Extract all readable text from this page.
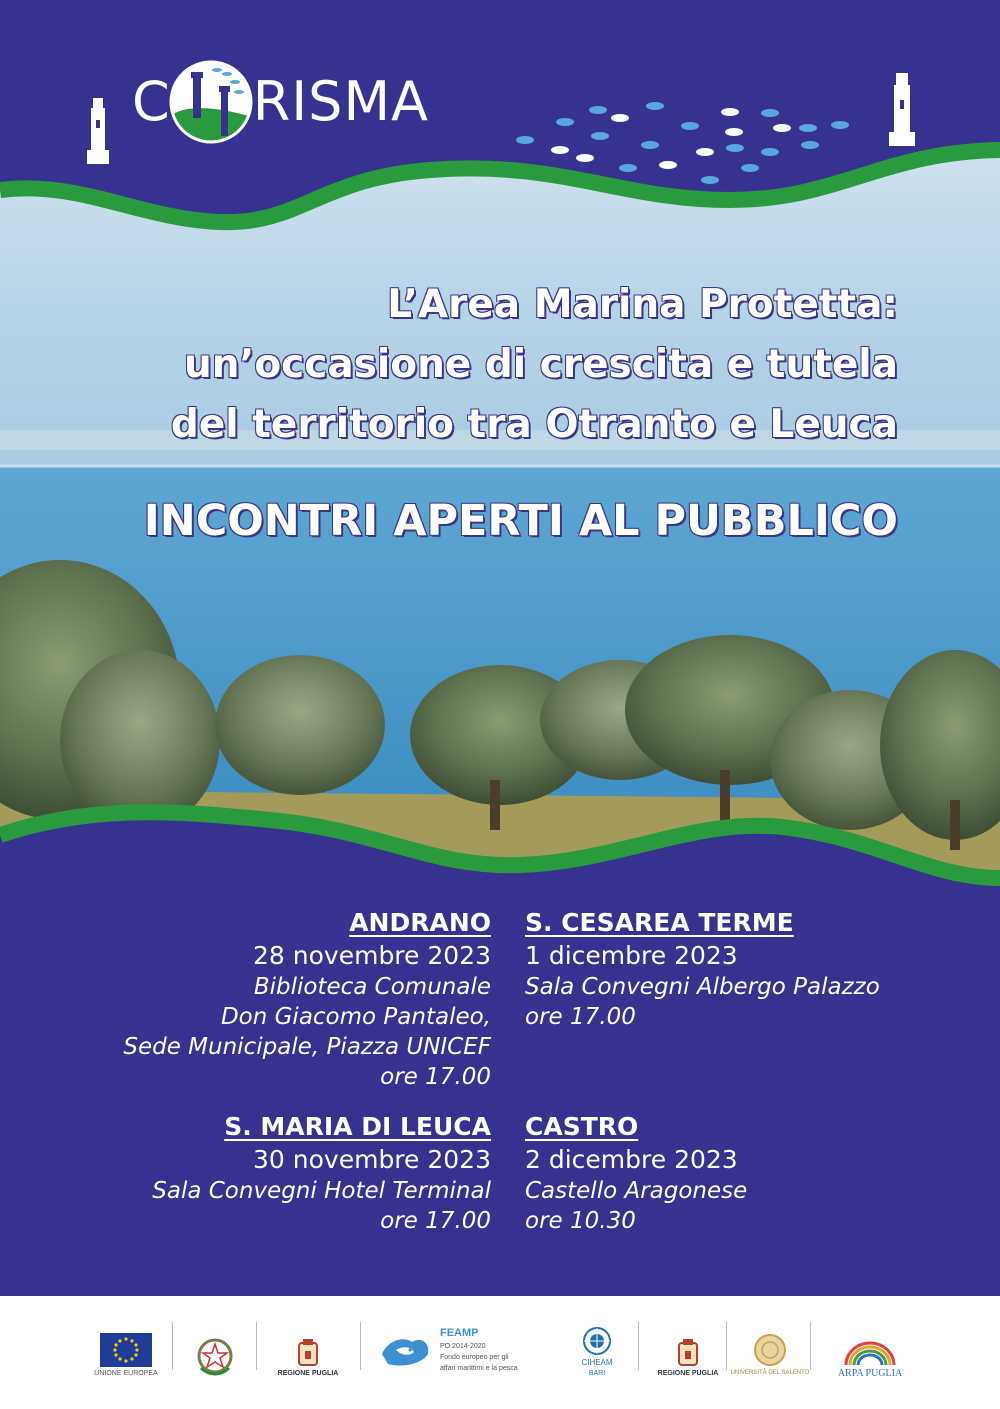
C RISMA
L’Area Marina Protetta:
un’occasione di crescita e tutela
del territorio tra Otranto e Leuca
INCONTRI APERTI AL PUBBLICO
ANDRANO
28 novembre 2023
Biblioteca Comunale
Don Giacomo Pantaleo,
Sede Municipale, Piazza UNICEF
ore 17.00
S. CESAREA TERME
1 dicembre 2023
Sala Convegni Albergo Palazzo
ore 17.00
S. MARIA DI LEUCA
30 novembre 2023
Sala Convegni Hotel Terminal
ore 17.00
CASTRO
2 dicembre 2023
Castello Aragonese
ore 10.30
UNIONE EUROPEA	REGIONE PUGLIA
FEAMP
PO 2014-2020
Fondo europeo per gli
affari marittimi e la pesca
CIHEAM
BARI	REGIONE PUGLIA UNIVERSITÀ DEL SALENTO	ARPA PUGLIA
